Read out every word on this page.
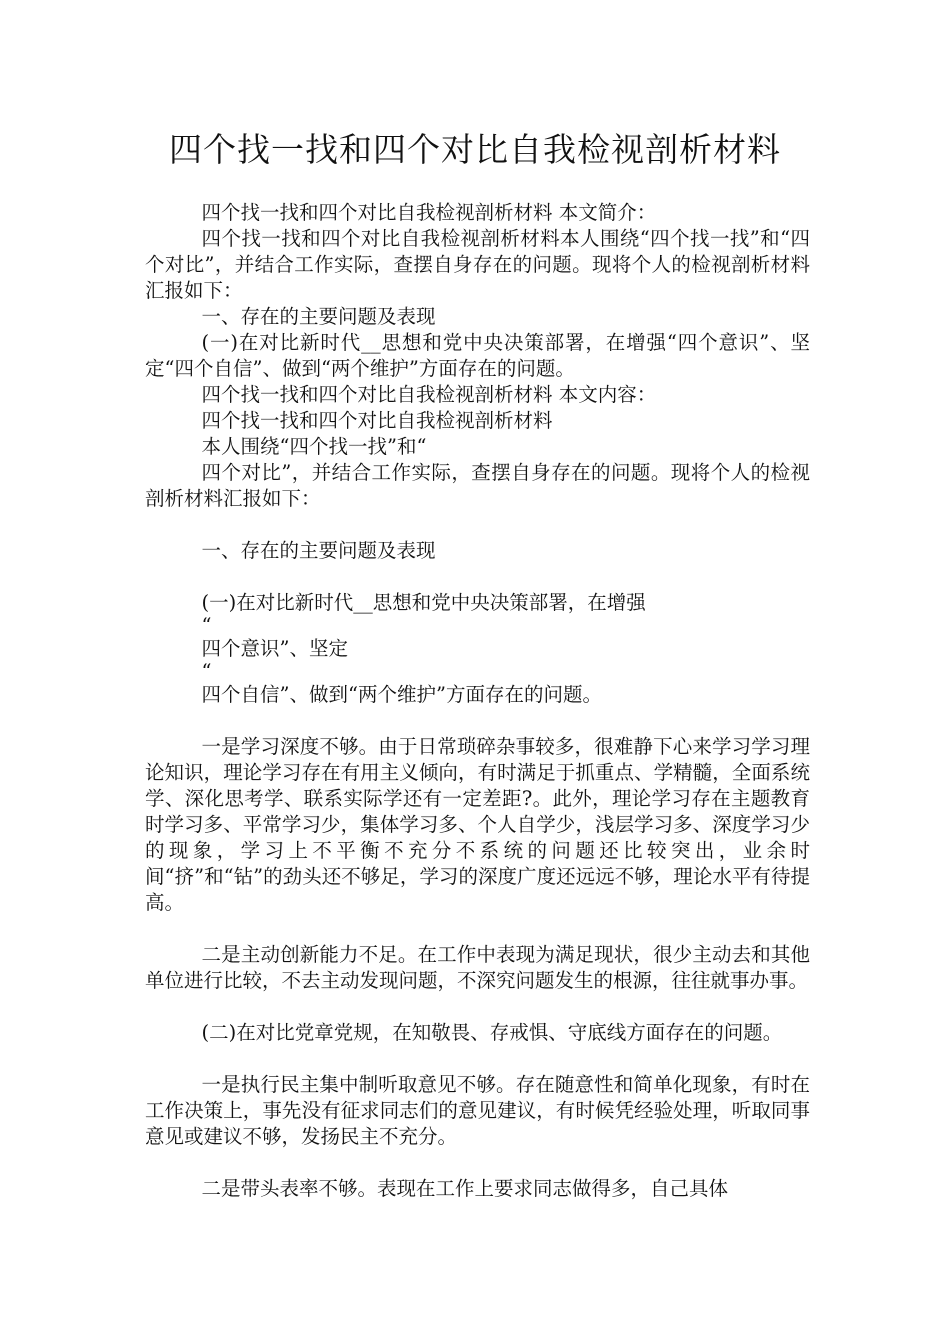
四个找一找和四个对比自我检视剖析材料

四个找一找和四个对比自我检视剖析材料 本文简介：

四个找一找和四个对比自我检视剖析材料本人围绕“四个找一找”和“四个对比”，并结合工作实际，查摆自身存在的问题。现将个人的检视剖析材料汇报如下：

一、存在的主要问题及表现

(一)在对比新时代__思想和党中央决策部署，在增强“四个意识”、坚定“四个自信”、做到“两个维护”方面存在的问题。

四个找一找和四个对比自我检视剖析材料 本文内容：

四个找一找和四个对比自我检视剖析材料

本人围绕“四个找一找”和“

四个对比”，并结合工作实际，查摆自身存在的问题。现将个人的检视剖析材料汇报如下：

一、存在的主要问题及表现

(一)在对比新时代__思想和党中央决策部署，在增强

“

四个意识”、坚定

“

四个自信”、做到“两个维护”方面存在的问题。

一是学习深度不够。由于日常琐碎杂事较多，很难静下心来学习学习理论知识，理论学习存在有用主义倾向，有时满足于抓重点、学精髓，全面系统学、深化思考学、联系实际学还有一定差距?。此外，理论学习存在主题教育时学习多、平常学习少，集体学习多、个人自学少，浅层学习多、深度学习少的现象，学习上不平衡不充分不系统的问题还比较突出，业余时间“挤”和“钻”的劲头还不够足，学习的深度广度还远远不够，理论水平有待提高。

二是主动创新能力不足。在工作中表现为满足现状，很少主动去和其他单位进行比较，不去主动发现问题，不深究问题发生的根源，往往就事办事。

(二)在对比党章党规，在知敬畏、存戒惧、守底线方面存在的问题。

一是执行民主集中制听取意见不够。存在随意性和简单化现象，有时在工作决策上，事先没有征求同志们的意见建议，有时候凭经验处理，听取同事意见或建议不够，发扬民主不充分。

二是带头表率不够。表现在工作上要求同志做得多，自己具体
